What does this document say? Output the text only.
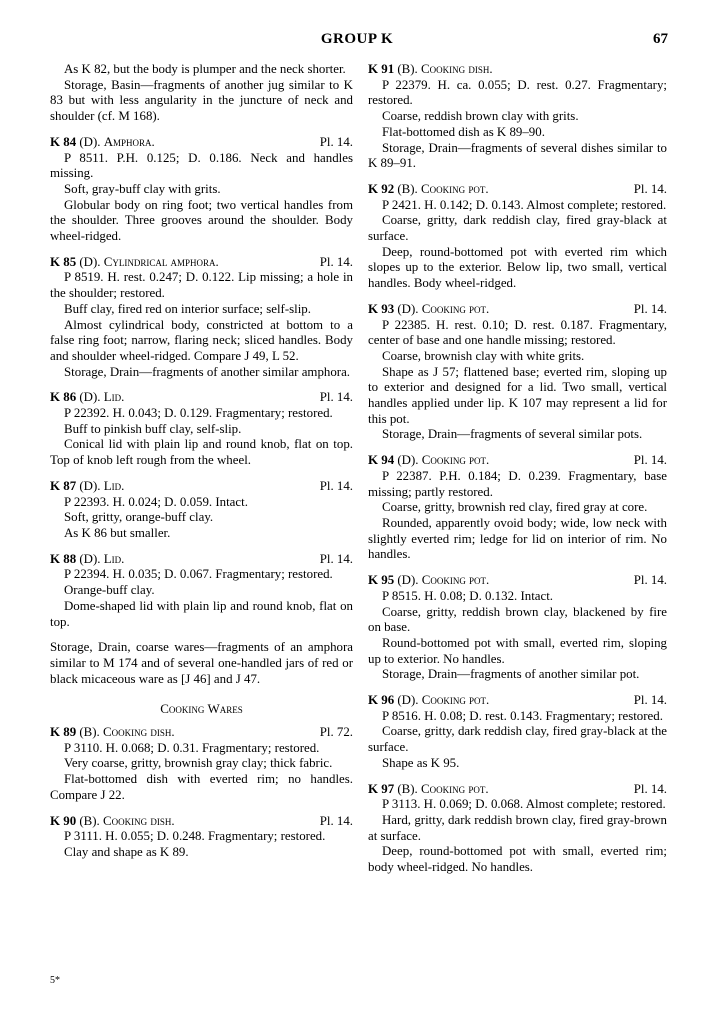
GROUP K	67

As K 82, but the body is plumper and the neck shorter.

Storage, Basin—fragments of another jug similar to K 83 but with less angularity in the juncture of neck and shoulder (cf. M 168).

K 84 (D). Amphora.	Pl. 14.

P 8511. P.H. 0.125; D. 0.186. Neck and handles missing.

Soft, gray-buff clay with grits.

Globular body on ring foot; two vertical handles from the shoulder. Three grooves around the shoulder. Body wheel-ridged.

K 85 (D). Cylindrical amphora.	Pl. 14.

P 8519. H. rest. 0.247; D. 0.122. Lip missing; a hole in the shoulder; restored.

Buff clay, fired red on interior surface; self-slip.

Almost cylindrical body, constricted at bottom to a false ring foot; narrow, flaring neck; sliced handles. Body and shoulder wheel-ridged. Compare J 49, L 52.

Storage, Drain—fragments of another similar amphora.

K 86 (D). Lid.	Pl. 14.

P 22392. H. 0.043; D. 0.129. Fragmentary; restored.

Buff to pinkish buff clay, self-slip.

Conical lid with plain lip and round knob, flat on top. Top of knob left rough from the wheel.

K 87 (D). Lid.	Pl. 14.

P 22393. H. 0.024; D. 0.059. Intact.

Soft, gritty, orange-buff clay.

As K 86 but smaller.

K 88 (D). Lid.	Pl. 14.

P 22394. H. 0.035; D. 0.067. Fragmentary; restored.

Orange-buff clay.

Dome-shaped lid with plain lip and round knob, flat on top.

Storage, Drain, coarse wares—fragments of an amphora similar to M 174 and of several one-handled jars of red or black micaceous ware as [J 46] and J 47.

Cooking Wares
K 89 (B). Cooking dish.	Pl. 72.

P 3110. H. 0.068; D. 0.31. Fragmentary; restored.

Very coarse, gritty, brownish gray clay; thick fabric.

Flat-bottomed dish with everted rim; no handles. Compare J 22.

K 90 (B). Cooking dish.	Pl. 14.

P 3111. H. 0.055; D. 0.248. Fragmentary; restored.

Clay and shape as K 89.

K 91 (B). Cooking dish.

P 22379. H. ca. 0.055; D. rest. 0.27. Fragmentary; restored.

Coarse, reddish brown clay with grits.

Flat-bottomed dish as K 89–90.

Storage, Drain—fragments of several dishes similar to K 89–91.

K 92 (B). Cooking pot.	Pl. 14.

P 2421. H. 0.142; D. 0.143. Almost complete; restored.

Coarse, gritty, dark reddish clay, fired gray-black at surface.

Deep, round-bottomed pot with everted rim which slopes up to the exterior. Below lip, two small, vertical handles. Body wheel-ridged.

K 93 (D). Cooking pot.	Pl. 14.

P 22385. H. rest. 0.10; D. rest. 0.187. Fragmentary, center of base and one handle missing; restored.

Coarse, brownish clay with white grits.

Shape as J 57; flattened base; everted rim, sloping up to exterior and designed for a lid. Two small, vertical handles applied under lip. K 107 may represent a lid for this pot.

Storage, Drain—fragments of several similar pots.

K 94 (D). Cooking pot.	Pl. 14.

P 22387. P.H. 0.184; D. 0.239. Fragmentary, base missing; partly restored.

Coarse, gritty, brownish red clay, fired gray at core.

Rounded, apparently ovoid body; wide, low neck with slightly everted rim; ledge for lid on interior of rim. No handles.

K 95 (D). Cooking pot.	Pl. 14.

P 8515. H. 0.08; D. 0.132. Intact.

Coarse, gritty, reddish brown clay, blackened by fire on base.

Round-bottomed pot with small, everted rim, sloping up to exterior. No handles.

Storage, Drain—fragments of another similar pot.

K 96 (D). Cooking pot.	Pl. 14.

P 8516. H. 0.08; D. rest. 0.143. Fragmentary; restored.

Coarse, gritty, dark reddish clay, fired gray-black at the surface.

Shape as K 95.

K 97 (B). Cooking pot.	Pl. 14.

P 3113. H. 0.069; D. 0.068. Almost complete; restored.

Hard, gritty, dark reddish brown clay, fired gray-brown at surface.

Deep, round-bottomed pot with small, everted rim; body wheel-ridged. No handles.

5*
